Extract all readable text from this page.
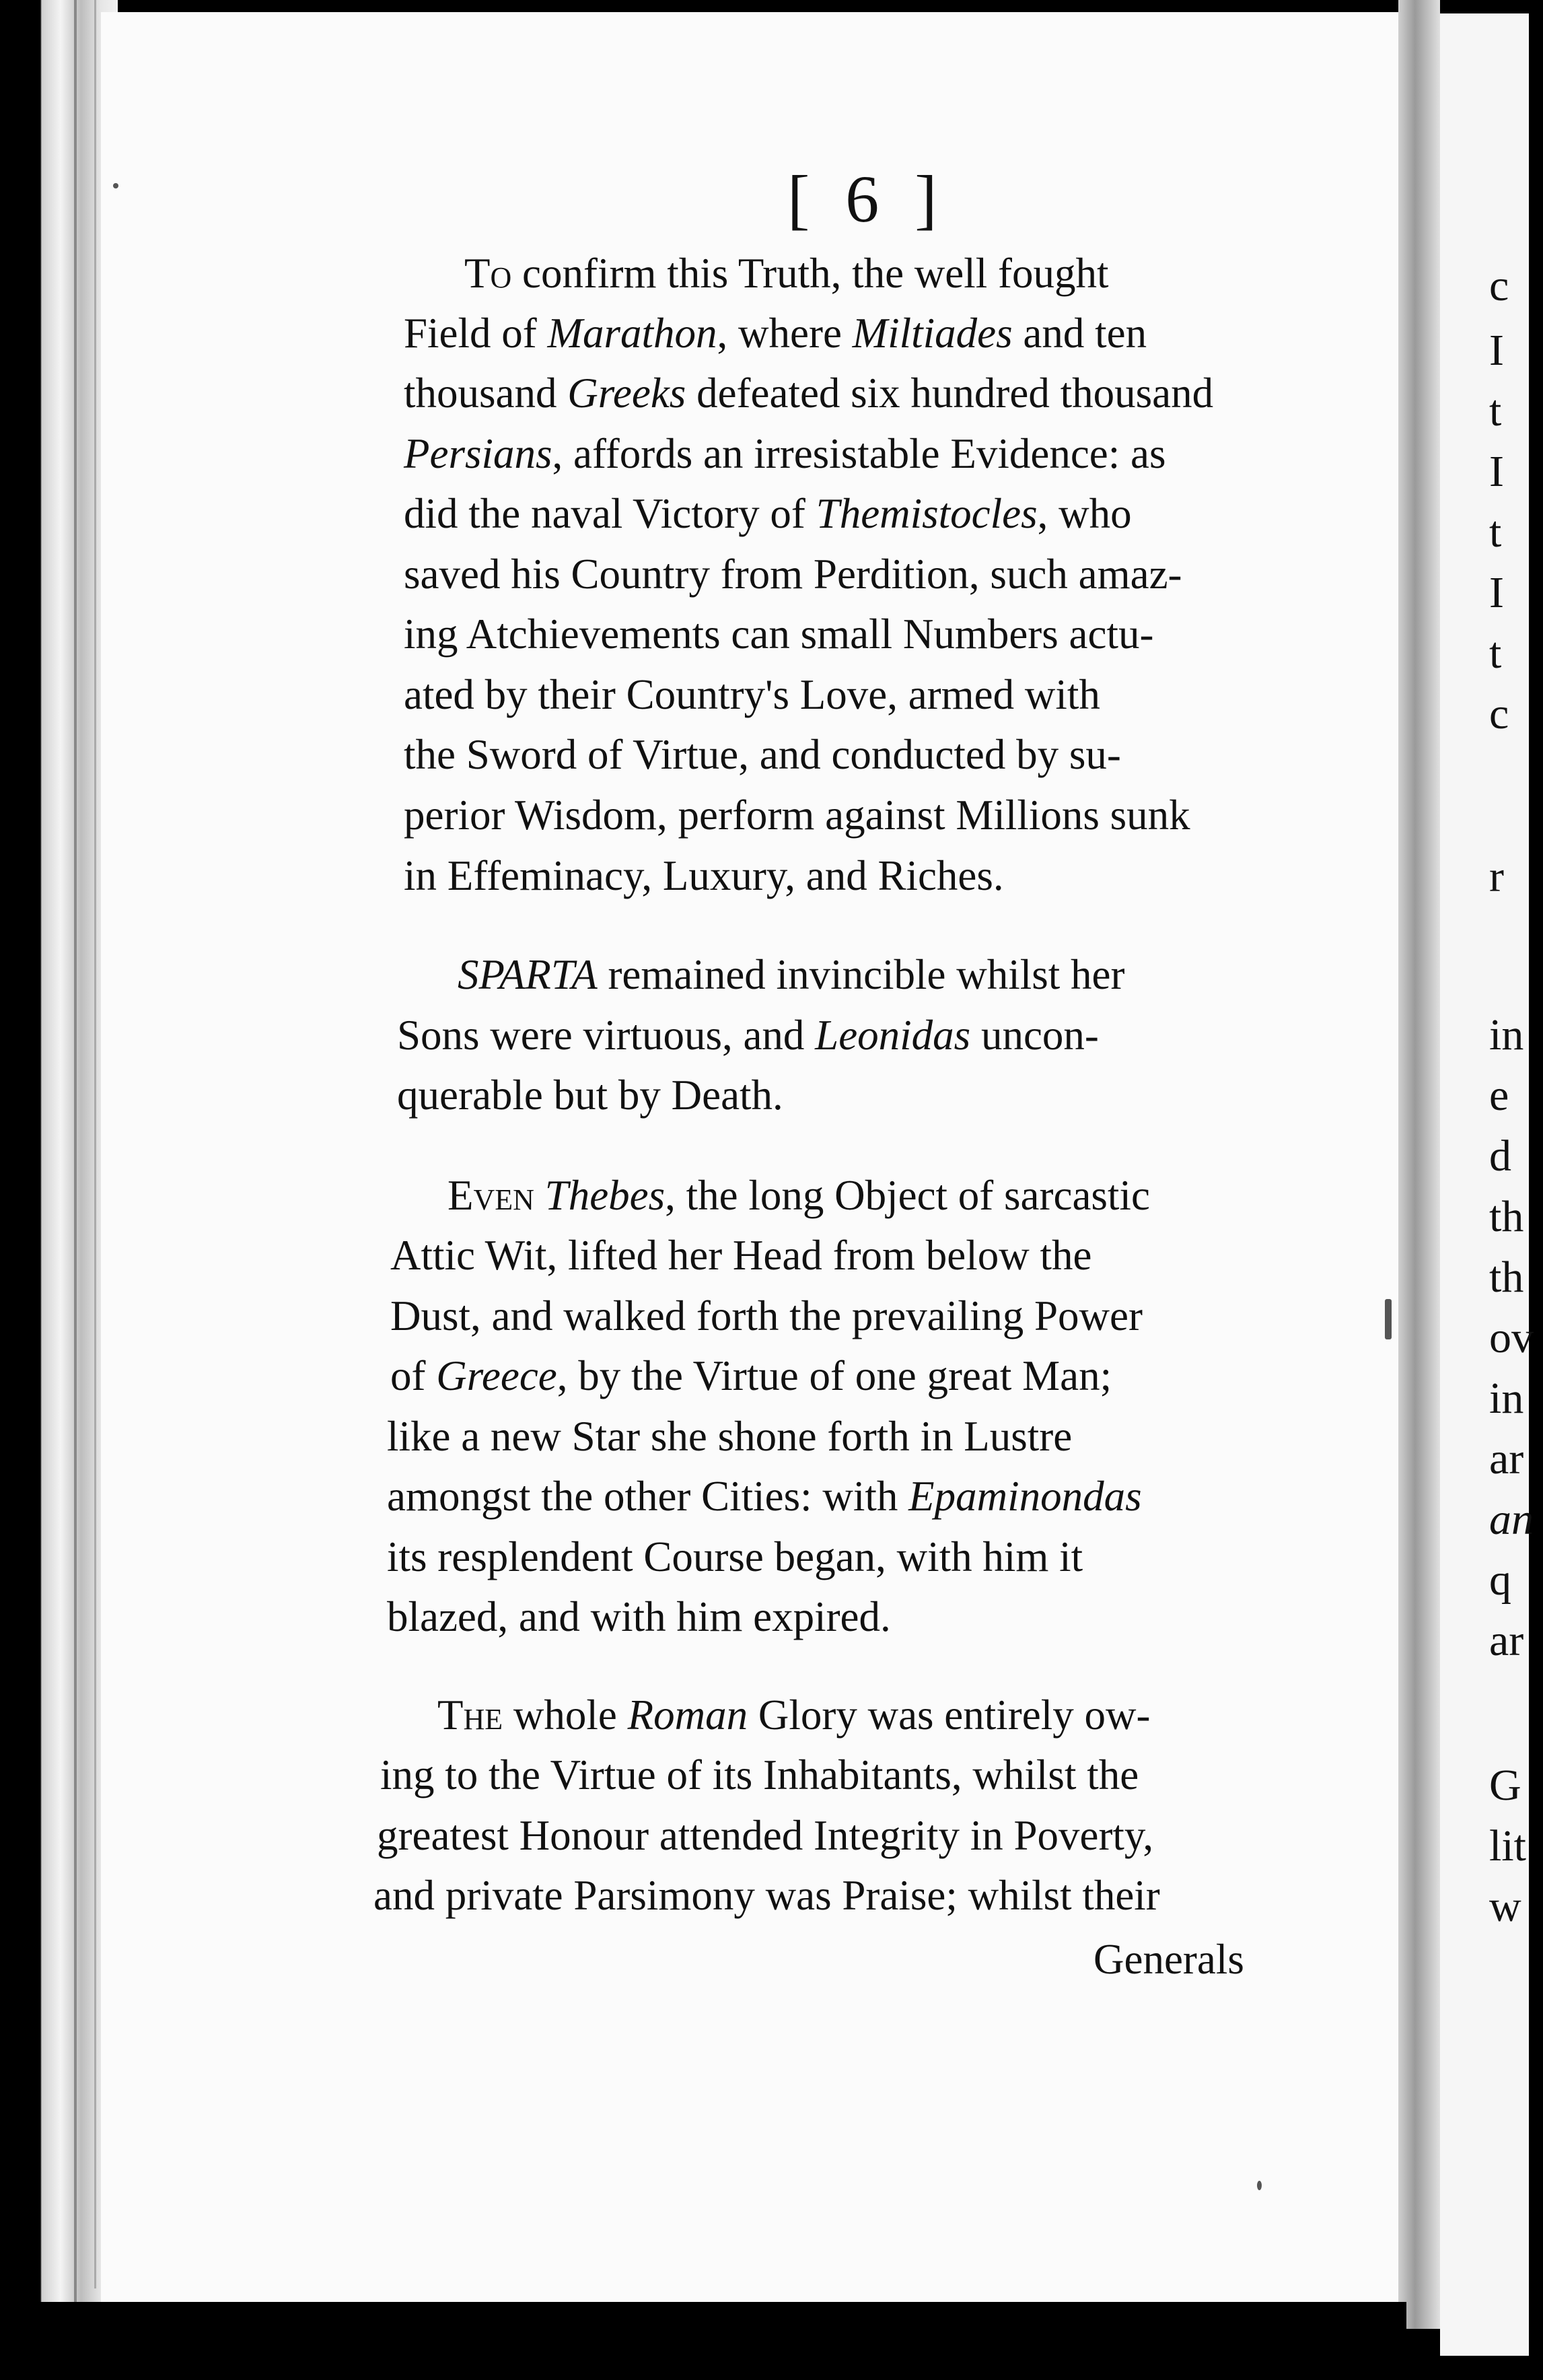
[ 6 ]
To confirm this Truth, the well fought
Field of Marathon, where Miltiades and ten
thousand Greeks defeated six hundred thousand
Persians, affords an irresistable Evidence: as
did the naval Victory of Themistocles, who
saved his Country from Perdition, such amaz-
ing Atchievements can small Numbers actu-
ated by their Country's Love, armed with
the Sword of Virtue, and conducted by su-
perior Wisdom, perform against Millions sunk
in Effeminacy, Luxury, and Riches.
SPARTA remained invincible whilst her
Sons were virtuous, and Leonidas uncon-
querable but by Death.
Even Thebes, the long Object of sarcastic
Attic Wit, lifted her Head from below the
Dust, and walked forth the prevailing Power
of Greece, by the Virtue of one great Man;
like a new Star she shone forth in Lustre
amongst the other Cities: with Epaminondas
its resplendent Course began, with him it
blazed, and with him expired.
The whole Roman Glory was entirely ow-
ing to the Virtue of its Inhabitants, whilst the
greatest Honour attended Integrity in Poverty,
and private Parsimony was Praise; whilst their
Generals
c
I
t
I
t
I
t
c
r
in
e
d
th
th
ov
in
ar
an
q
ar
G
lit
w
